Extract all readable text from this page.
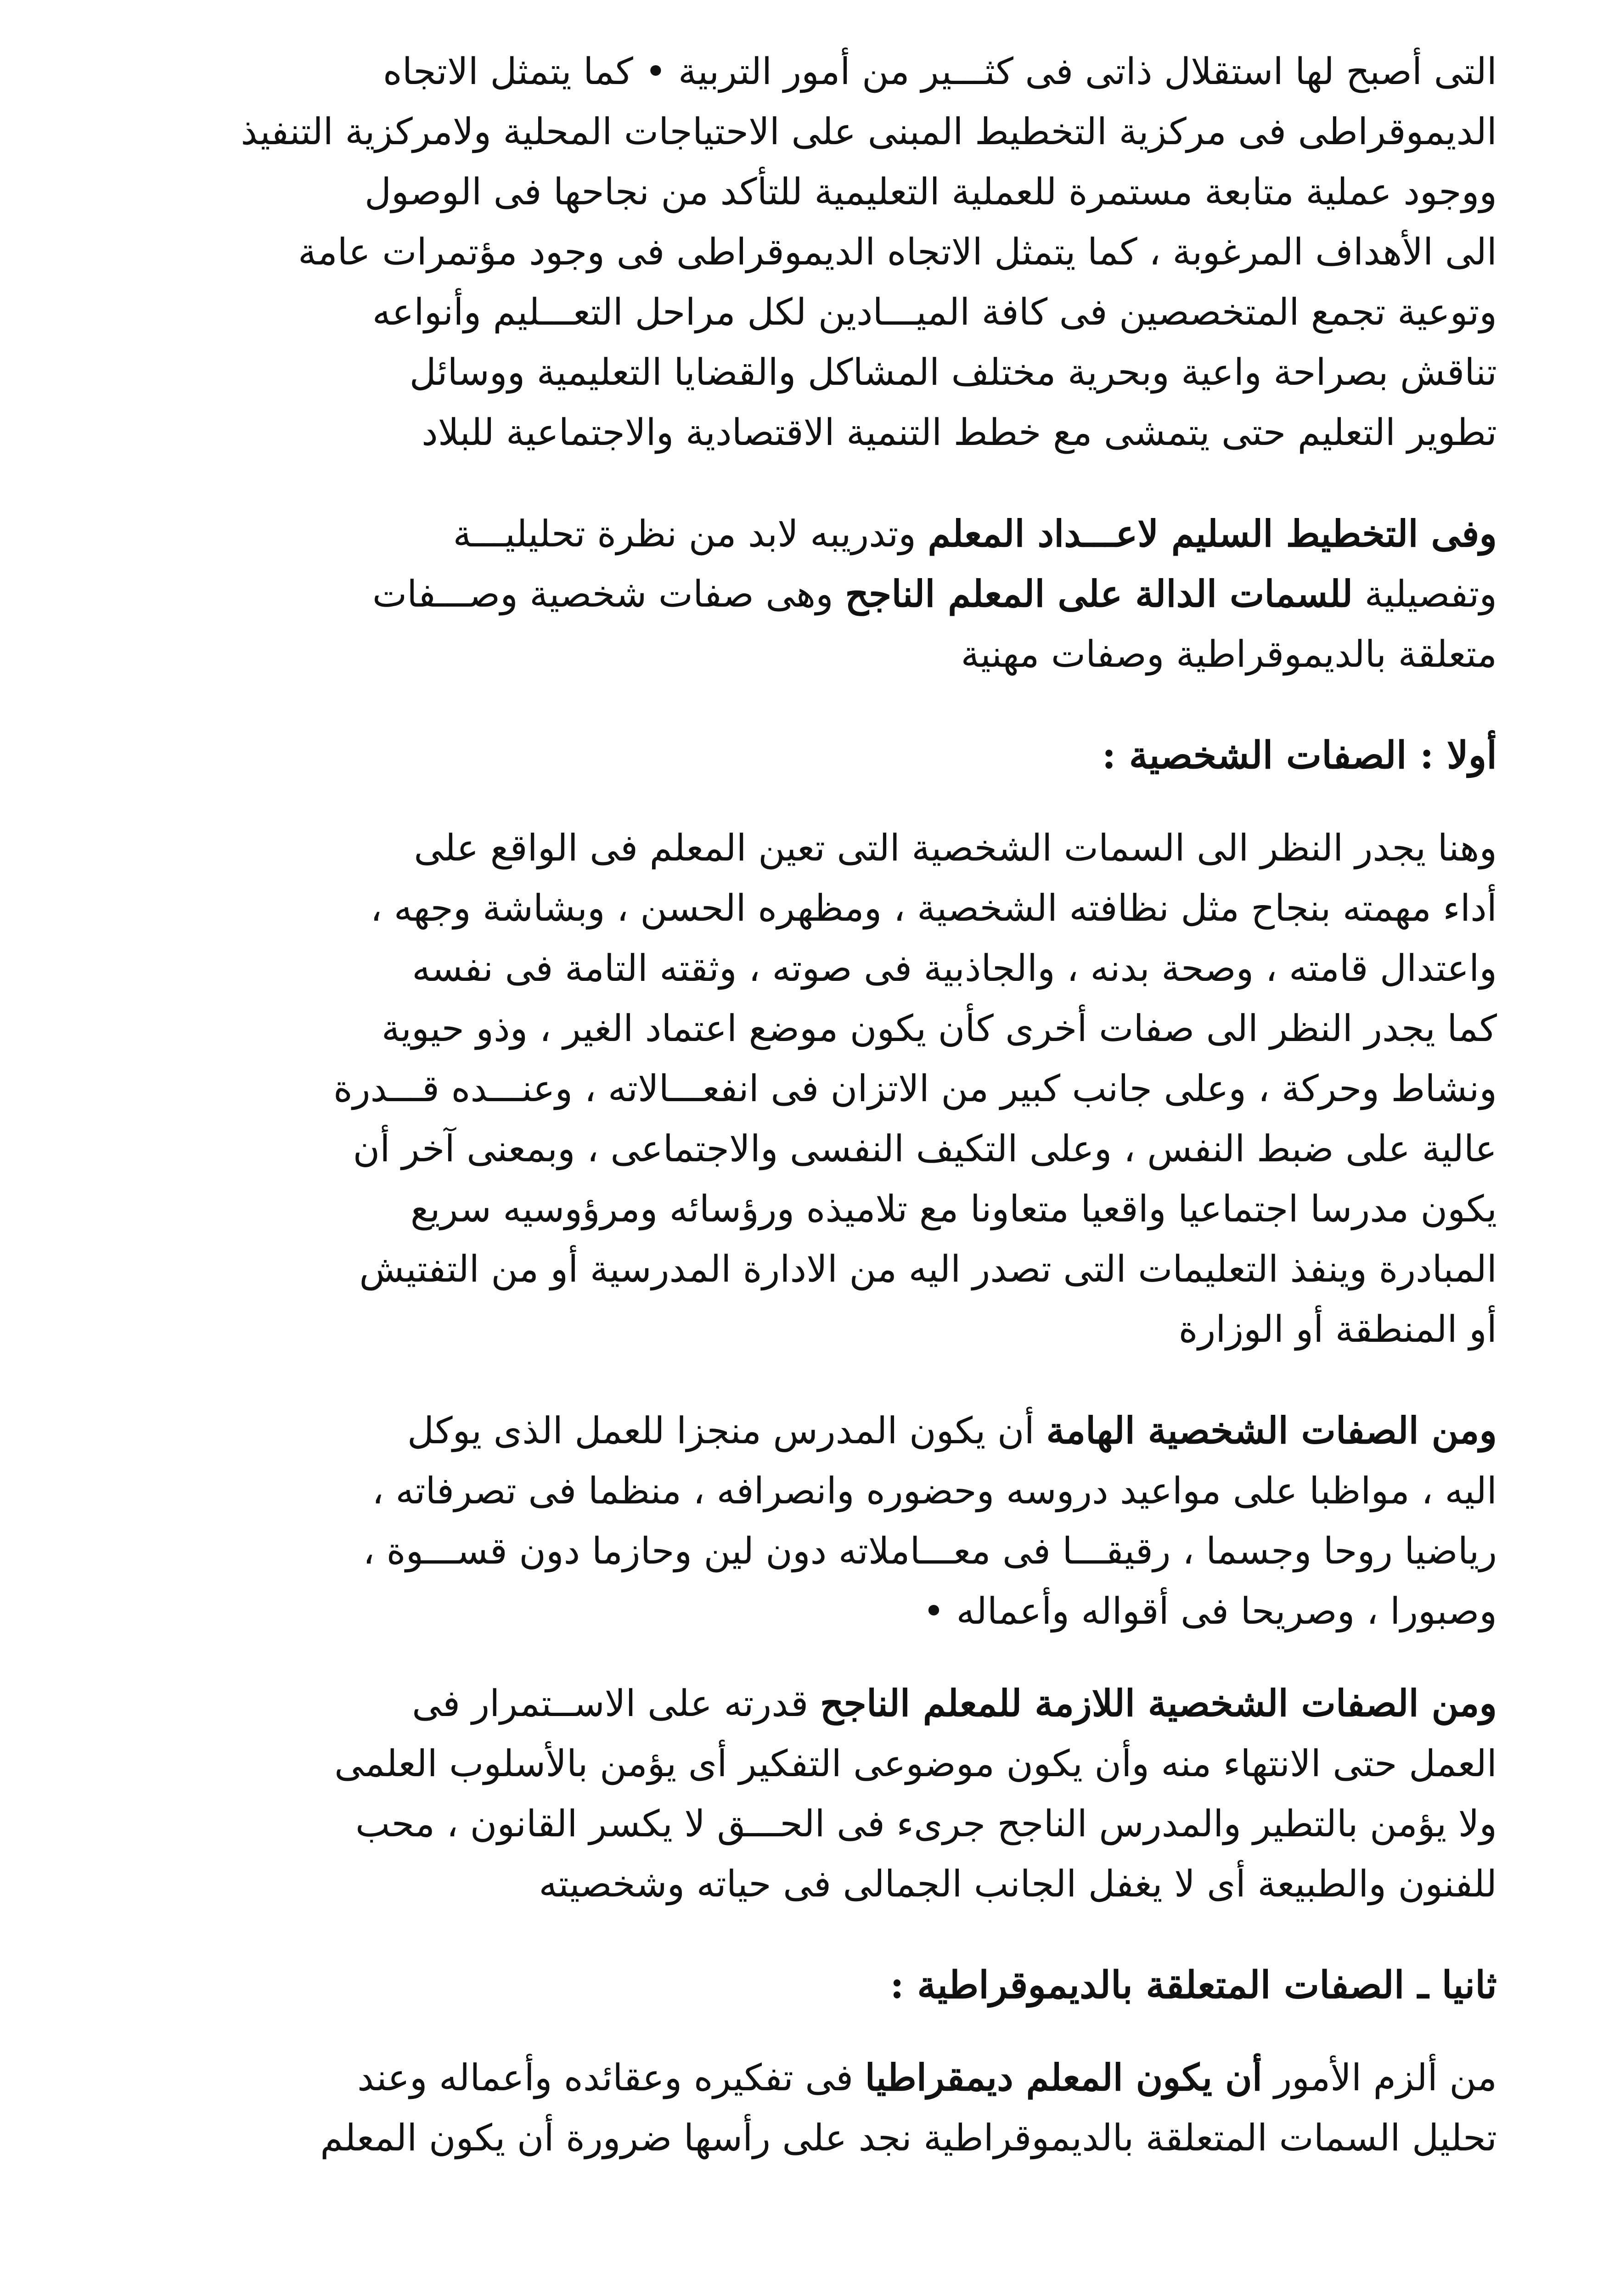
التى أصبح لها استقلال ذاتى فى كثـــير من أمور التربية • كما يتمثل الاتجاه
الديموقراطى فى مركزية التخطيط المبنى على الاحتياجات المحلية ولامركزية التنفيذ
ووجود عملية متابعة مستمرة للعملية التعليمية للتأكد من نجاحها فى الوصول
الى الأهداف المرغوبة ، كما يتمثل الاتجاه الديموقراطى فى وجود مؤتمرات عامة
وتوعية تجمع المتخصصين فى كافة الميـــادين لكل مراحل التعـــليم وأنواعه
تناقش بصراحة واعية وبحرية مختلف المشاكل والقضايا التعليمية ووسائل
تطوير التعليم حتى يتمشى مع خطط التنمية الاقتصادية والاجتماعية للبلاد

وفى التخطيط السليم لاعـــداد المعلم وتدريبه لابد من نظرة تحليليـــة
وتفصيلية للسمات الدالة على المعلم الناجح وهى صفات شخصية وصـــفات
متعلقة بالديموقراطية وصفات مهنية

أولا : الصفات الشخصية :

وهنا يجدر النظر الى السمات الشخصية التى تعين المعلم فى الواقع على
أداء مهمته بنجاح مثل نظافته الشخصية ، ومظهره الحسن ، وبشاشة وجهه ،
واعتدال قامته ، وصحة بدنه ، والجاذبية فى صوته ، وثقته التامة فى نفسه
كما يجدر النظر الى صفات أخرى كأن يكون موضع اعتماد الغير ، وذو حيوية
ونشاط وحركة ، وعلى جانب كبير من الاتزان فى انفعـــالاته ، وعنـــده قـــدرة
عالية على ضبط النفس ، وعلى التكيف النفسى والاجتماعى ، وبمعنى آخر أن
يكون مدرسا اجتماعيا واقعيا متعاونا مع تلاميذه ورؤسائه ومرؤوسيه سريع
المبادرة وينفذ التعليمات التى تصدر اليه من الادارة المدرسية أو من التفتيش
أو المنطقة أو الوزارة

ومن الصفات الشخصية الهامة أن يكون المدرس منجزا للعمل الذى يوكل
اليه ، مواظبا على مواعيد دروسه وحضوره وانصرافه ، منظما فى تصرفاته ،
رياضيا روحا وجسما ، رقيقـــا فى معـــاملاته دون لين وحازما دون قســـوة ،
وصبورا ، وصريحا فى أقواله وأعماله •

ومن الصفات الشخصية اللازمة للمعلم الناجح قدرته على الاســتمرار فى
العمل حتى الانتهاء منه وأن يكون موضوعى التفكير أى يؤمن بالأسلوب العلمى
ولا يؤمن بالتطير والمدرس الناجح جرىء فى الحـــق لا يكسر القانون ، محب
للفنون والطبيعة أى لا يغفل الجانب الجمالى فى حياته وشخصيته

ثانيا ـ الصفات المتعلقة بالديموقراطية :

من ألزم الأمور أن يكون المعلم ديمقراطيا فى تفكيره وعقائده وأعماله وعند
تحليل السمات المتعلقة بالديموقراطية نجد على رأسها ضرورة أن يكون المعلم
